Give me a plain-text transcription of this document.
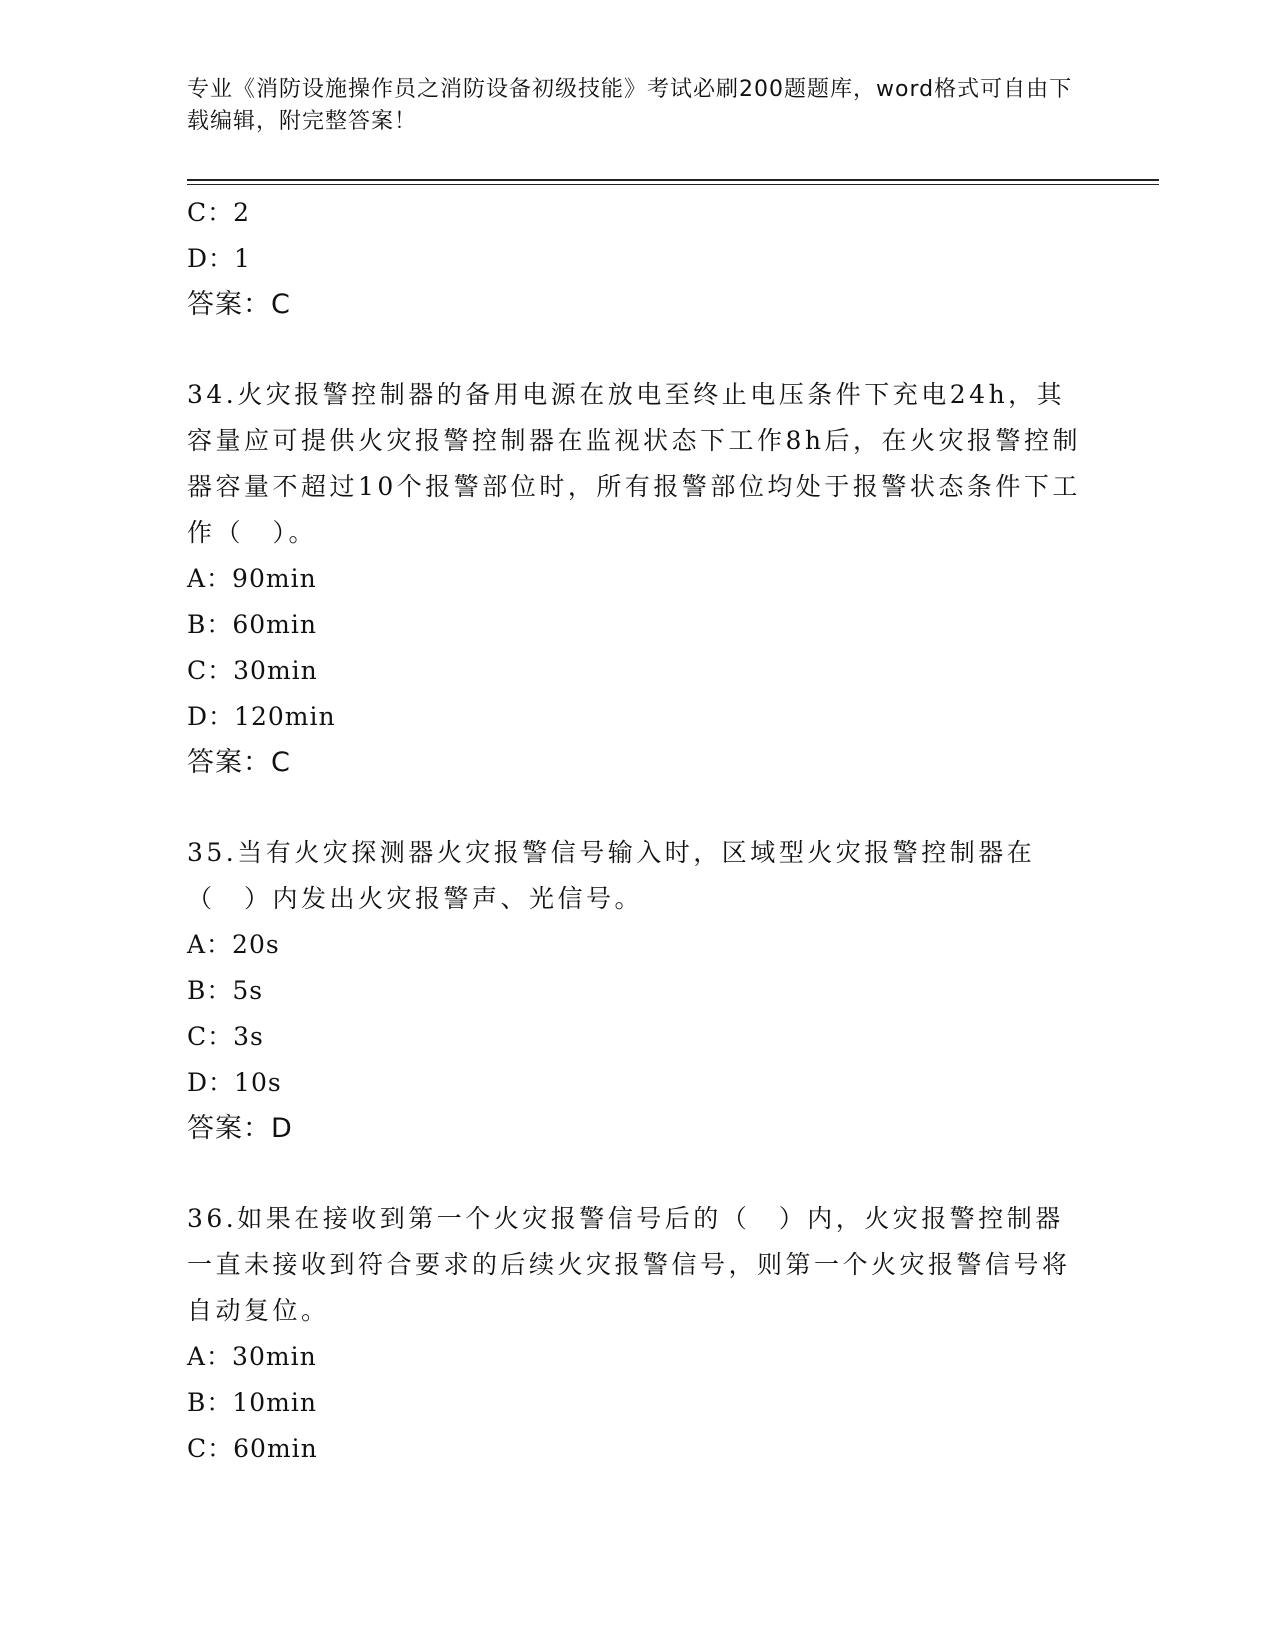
专业《消防设施操作员之消防设备初级技能》考试必刷200题题库，word格式可自由下载编辑，附完整答案！
C：2
D：1
答案：C
34.火灾报警控制器的备用电源在放电至终止电压条件下充电24h，其容量应可提供火灾报警控制器在监视状态下工作8h后，在火灾报警控制器容量不超过10个报警部位时，所有报警部位均处于报警状态条件下工作（　）。
A：90min
B：60min
C：30min
D：120min
答案：C
35.当有火灾探测器火灾报警信号输入时，区域型火灾报警控制器在（　）内发出火灾报警声、光信号。
A：20s
B：5s
C：3s
D：10s
答案：D
36.如果在接收到第一个火灾报警信号后的（　）内，火灾报警控制器一直未接收到符合要求的后续火灾报警信号，则第一个火灾报警信号将自动复位。
A：30min
B：10min
C：60min
